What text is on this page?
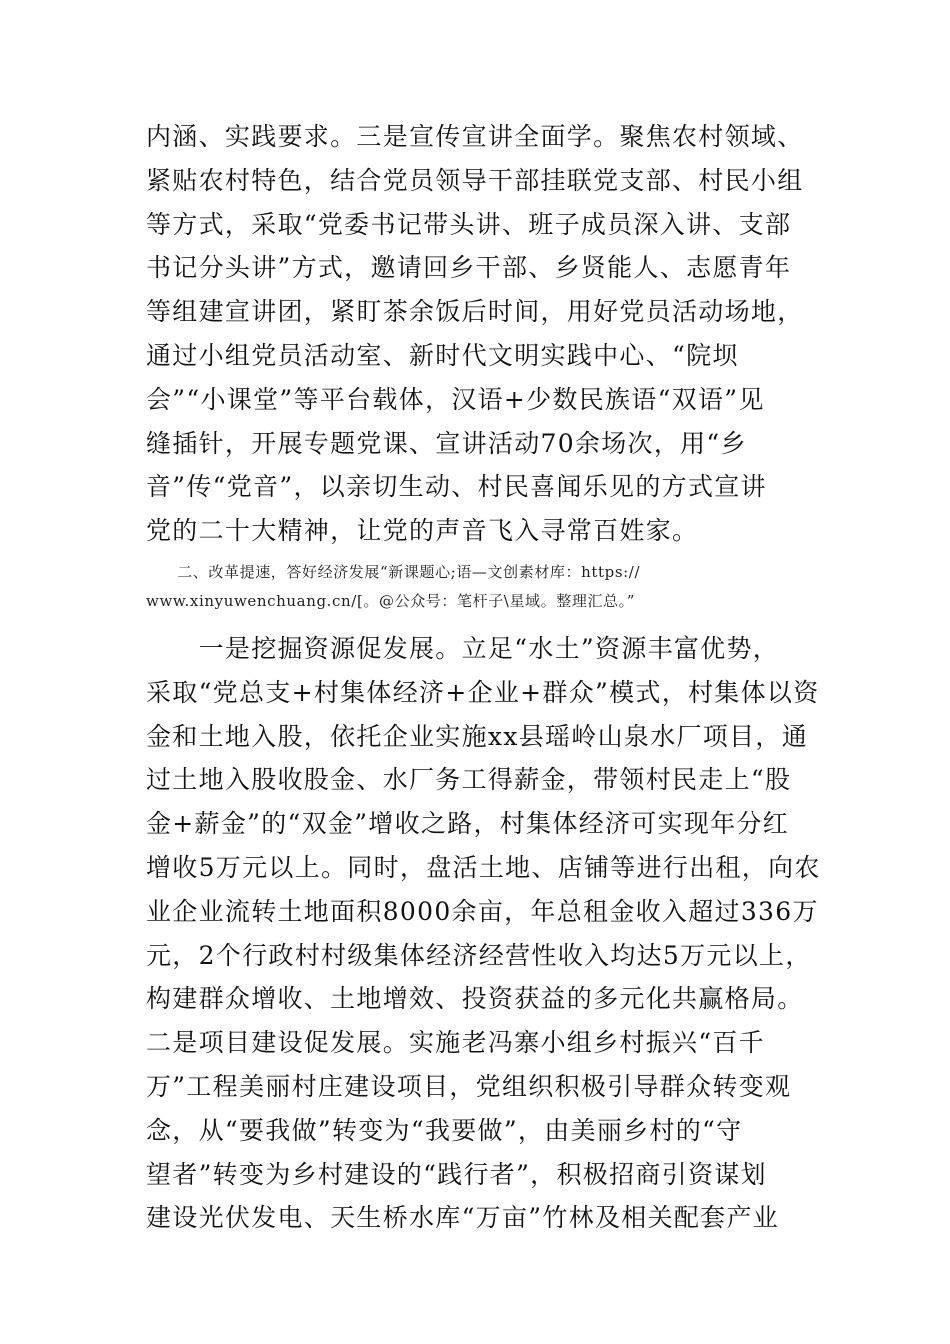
内涵、实践要求。三是宣传宣讲全面学。聚焦农村领域、
紧贴农村特色，结合党员领导干部挂联党支部、村民小组
等方式，采取“党委书记带头讲、班子成员深入讲、支部
书记分头讲”方式，邀请回乡干部、乡贤能人、志愿青年
等组建宣讲团，紧盯茶余饭后时间，用好党员活动场地，
通过小组党员活动室、新时代文明实践中心、“院坝
会”“小课堂”等平台载体，汉语+少数民族语“双语”见
缝插针，开展专题党课、宣讲活动70余场次，用“乡
音”传“党音”，以亲切生动、村民喜闻乐见的方式宣讲
党的二十大精神，让党的声音飞入寻常百姓家。
　　二、改革提速，答好经济发展“新课题心;语—文创素材库：https://
www.xinyuwenchuang.cn/[。@公众号：笔杆子\星域。整理汇总。”
　　一是挖掘资源促发展。立足“水土”资源丰富优势，
采取“党总支+村集体经济+企业+群众”模式，村集体以资
金和土地入股，依托企业实施xx县瑶岭山泉水厂项目，通
过土地入股收股金、水厂务工得薪金，带领村民走上“股
金+薪金”的“双金”增收之路，村集体经济可实现年分红
增收5万元以上。同时，盘活土地、店铺等进行出租，向农
业企业流转土地面积8000余亩，年总租金收入超过336万
元，2个行政村村级集体经济经营性收入均达5万元以上，
构建群众增收、土地增效、投资获益的多元化共赢格局。
二是项目建设促发展。实施老冯寨小组乡村振兴“百千
万”工程美丽村庄建设项目，党组织积极引导群众转变观
念，从“要我做”转变为“我要做”，由美丽乡村的“守
望者”转变为乡村建设的“践行者”，积极招商引资谋划
建设光伏发电、天生桥水库“万亩”竹林及相关配套产业
